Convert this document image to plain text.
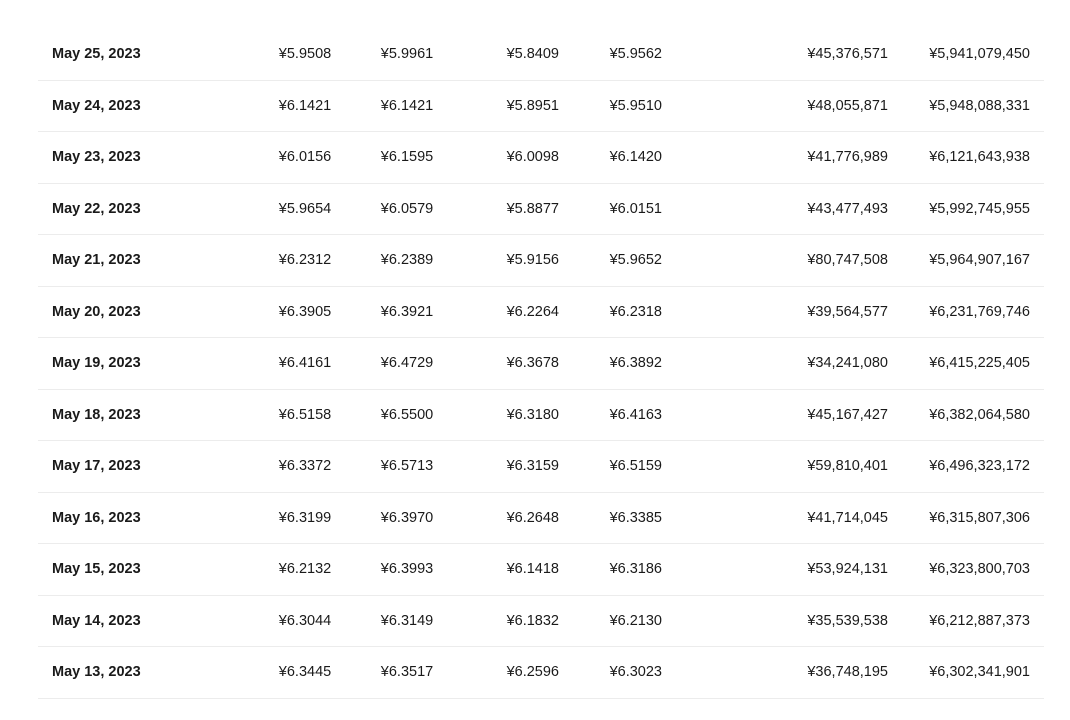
May 25, 2023	¥5.9508	¥5.9961	¥5.8409	¥5.9562	¥45,376,571	¥5,941,079,450
May 24, 2023	¥6.1421	¥6.1421	¥5.8951	¥5.9510	¥48,055,871	¥5,948,088,331
May 23, 2023	¥6.0156	¥6.1595	¥6.0098	¥6.1420	¥41,776,989	¥6,121,643,938
May 22, 2023	¥5.9654	¥6.0579	¥5.8877	¥6.0151	¥43,477,493	¥5,992,745,955
May 21, 2023	¥6.2312	¥6.2389	¥5.9156	¥5.9652	¥80,747,508	¥5,964,907,167
May 20, 2023	¥6.3905	¥6.3921	¥6.2264	¥6.2318	¥39,564,577	¥6,231,769,746
May 19, 2023	¥6.4161	¥6.4729	¥6.3678	¥6.3892	¥34,241,080	¥6,415,225,405
May 18, 2023	¥6.5158	¥6.5500	¥6.3180	¥6.4163	¥45,167,427	¥6,382,064,580
May 17, 2023	¥6.3372	¥6.5713	¥6.3159	¥6.5159	¥59,810,401	¥6,496,323,172
May 16, 2023	¥6.3199	¥6.3970	¥6.2648	¥6.3385	¥41,714,045	¥6,315,807,306
May 15, 2023	¥6.2132	¥6.3993	¥6.1418	¥6.3186	¥53,924,131	¥6,323,800,703
May 14, 2023	¥6.3044	¥6.3149	¥6.1832	¥6.2130	¥35,539,538	¥6,212,887,373
May 13, 2023	¥6.3445	¥6.3517	¥6.2596	¥6.3023	¥36,748,195	¥6,302,341,901
